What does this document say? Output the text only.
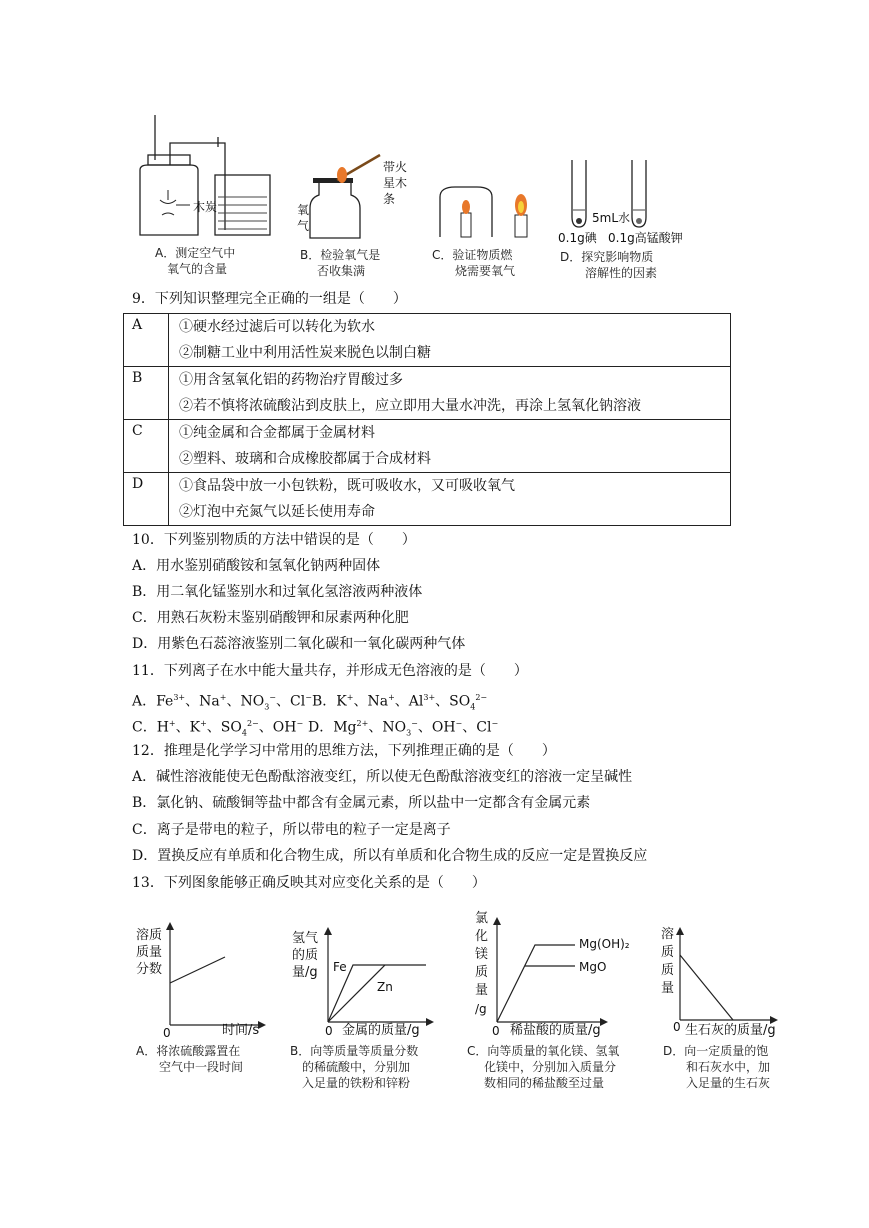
木炭
带火
星木
条
氧
气
5mL水
0.1g碘 0.1g高锰酸钾
A．测定空气中
氧气的含量
B．检验氧气是
否收集满
C．验证物质燃
烧需要氧气
D．探究影响物质
溶解性的因素
9．下列知识整理完全正确的一组是（　　）
A	①硬水经过滤后可以转化为软水
②制糖工业中利用活性炭来脱色以制白糖

B	①用含氢氧化铝的药物治疗胃酸过多
②若不慎将浓硫酸沾到皮肤上，应立即用大量水冲洗，再涂上氢氧化钠溶液

C	①纯金属和合金都属于金属材料
②塑料、玻璃和合成橡胶都属于合成材料

D	①食品袋中放一小包铁粉，既可吸收水，又可吸收氧气
②灯泡中充氮气以延长使用寿命
10．下列鉴别物质的方法中错误的是（　　）
A．用水鉴别硝酸铵和氢氧化钠两种固体
B．用二氧化锰鉴别水和过氧化氢溶液两种液体
C．用熟石灰粉末鉴别硝酸钾和尿素两种化肥
D．用紫色石蕊溶液鉴别二氧化碳和一氧化碳两种气体
11．下列离子在水中能大量共存，并形成无色溶液的是（　　）
A．$Fe^{3+}$、Na+、$NO_3^-$、Cl− B．K+、Na+、$Al^{3+}$、$SO_4^{2-}$
C．H+、K+、$SO_4^{2-}$、OH− D．$Mg^{2+}$、$NO_3^-$、OH−、Cl−
12．推理是化学学习中常用的思维方法，下列推理正确的是（　　）
A．碱性溶液能使无色酚酞溶液变红，所以使无色酚酞溶液变红的溶液一定呈碱性
B．氯化钠、硫酸铜等盐中都含有金属元素，所以盐中一定都含有金属元素
C．离子是带电的粒子，所以带电的粒子一定是离子
D．置换反应有单质和化合物生成，所以有单质和化合物生成的反应一定是置换反应
13．下列图象能够正确反映其对应变化关系的是（　　）
溶质
质量
分数
0	时间/s
A．将浓硫酸露置在
空气中一段时间
氢气
的质
量/g Fe
Zn
0 金属的质量/g
B．向等质量等质量分数
的稀硫酸中，分别加
入足量的铁粉和锌粉
氯
化
镁
质
量
/g
Mg(OH)₂
MgO
0 稀盐酸的质量/g
C．向等质量的氧化镁、氢氧
化镁中，分别加入质量分
数相同的稀盐酸至过量
溶
质
质
量
0 生石灰的质量/g
D．向一定质量的饱
和石灰水中，加
入足量的生石灰
